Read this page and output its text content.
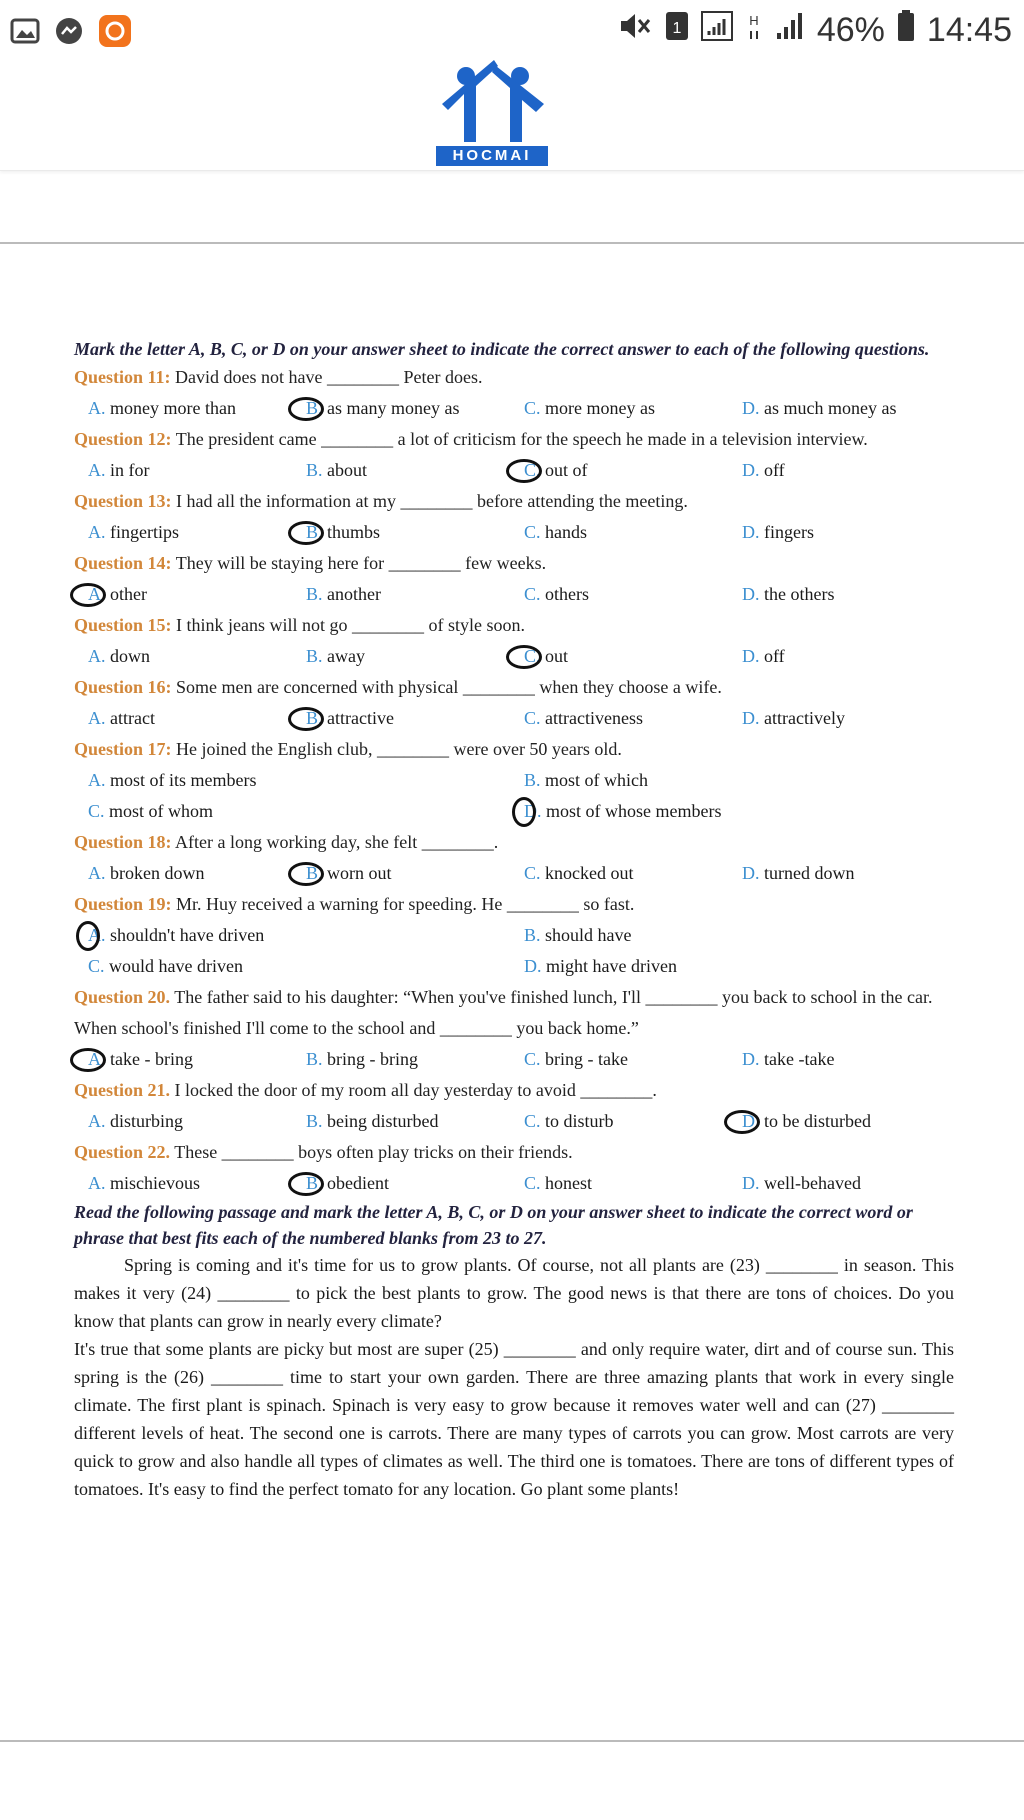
1	H 46% 14:45
HOCMAI
Mark the letter A, B, C, or D on your answer sheet to indicate the correct answer to each of the following questions.
Question 11: David does not have ________ Peter does.
A. money more than	B. as many money as	C. more money as	D. as much money as
Question 12: The president came ________ a lot of criticism for the speech he made in a television interview.
A. in for	B. about	C. out of	D. off
Question 13: I had all the information at my ________ before attending the meeting.
A. fingertips	B. thumbs	C. hands	D. fingers
Question 14: They will be staying here for ________ few weeks.
A. other	B. another	C. others	D. the others
Question 15: I think jeans will not go ________ of style soon.
A. down	B. away	C. out	D. off
Question 16: Some men are concerned with physical ________ when they choose a wife.
A. attract	B. attractive	C. attractiveness	D. attractively
Question 17: He joined the English club, ________ were over 50 years old.
A. most of its members	B. most of which
C. most of whom	D. most of whose members
Question 18: After a long working day, she felt ________.
A. broken down	B. worn out	C. knocked out	D. turned down
Question 19: Mr. Huy received a warning for speeding. He ________ so fast.
A. shouldn't have driven	B. should have
C. would have driven	D. might have driven
Question 20. The father said to his daughter: “When you've finished lunch, I'll ________ you back to school in the car. When school's finished I'll come to the school and ________ you back home.”
A. take - bring	B. bring - bring	C. bring - take	D. take -take
Question 21. I locked the door of my room all day yesterday to avoid ________.
A. disturbing	B. being disturbed	C. to disturb	D. to be disturbed
Question 22. These ________ boys often play tricks on their friends.
A. mischievous	B. obedient	C. honest	D. well-behaved
Read the following passage and mark the letter A, B, C, or D on your answer sheet to indicate the correct word or phrase that best fits each of the numbered blanks from 23 to 27.

Spring is coming and it's time for us to grow plants. Of course, not all plants are (23) ________ in season. This makes it very (24) ________ to pick the best plants to grow. The good news is that there are tons of choices. Do you know that plants can grow in nearly every climate?

It's true that some plants are picky but most are super (25) ________ and only require water, dirt and of course sun. This spring is the (26) ________ time to start your own garden. There are three amazing plants that work in every single climate. The first plant is spinach. Spinach is very easy to grow because it removes water well and can (27) ________ different levels of heat. The second one is carrots. There are many types of carrots you can grow. Most carrots are very quick to grow and also handle all types of climates as well. The third one is tomatoes. There are tons of different types of tomatoes. It's easy to find the perfect tomato for any location. Go plant some plants!
